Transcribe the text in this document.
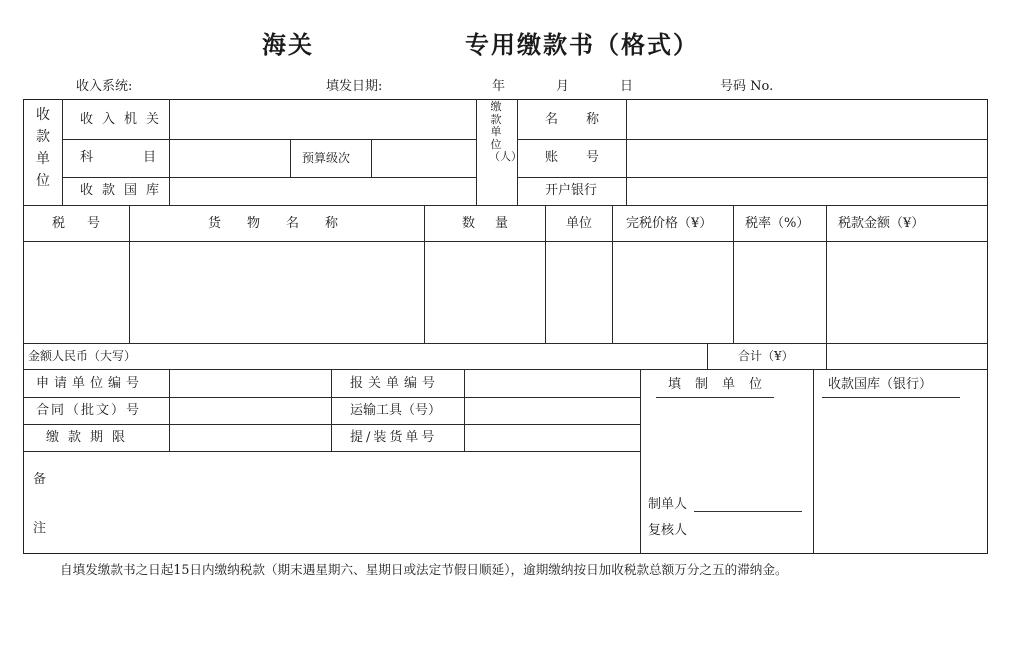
海关	专用缴款书（格式）
收入系统:	填发日期:	年	月	日	号码 No.
收款单位
收入机关
科目	预算级次
收款国库
缴款单位（人）
名称
账号
开户银行
税号	货物名称	数量	单位	完税价格（¥）	税率（%） 税款金额（¥）
金额人民币（大写）	合计（¥）
申请单位编号	报关单编号
合同（批文）号	运输工具（号）
缴款期限	提/装货单号
备
注
填制单位	收款国库（银行）
制单人
复核人
自填发缴款书之日起15日内缴纳税款（期末遇星期六、星期日或法定节假日顺延），逾期缴纳按日加收税款总额万分之五的滞纳金。
